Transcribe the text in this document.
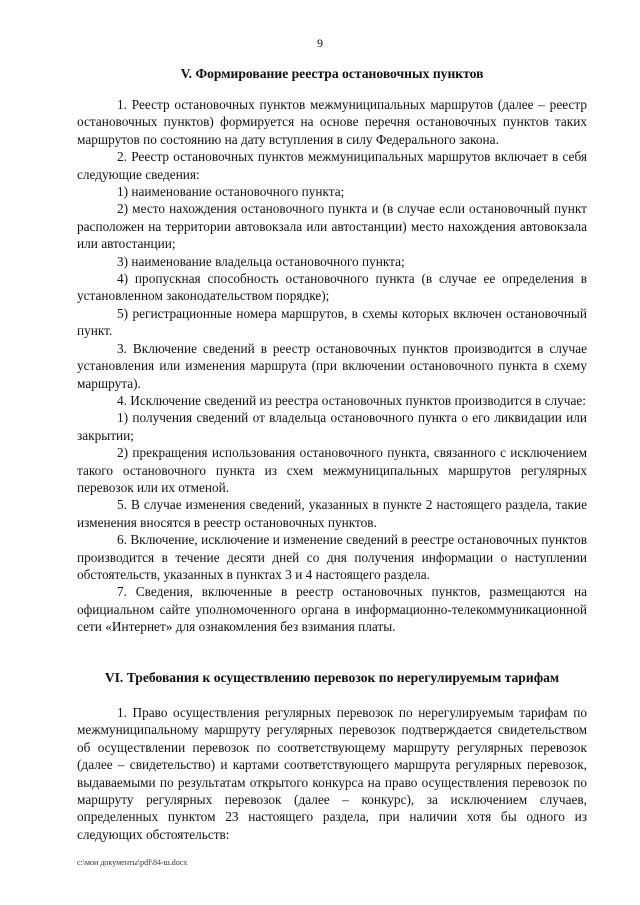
9
V. Формирование реестра остановочных пунктов

1. Реестр остановочных пунктов межмуниципальных маршрутов (далее – реестр остановочных пунктов) формируется на основе перечня остановочных пунктов таких маршрутов по состоянию на дату вступления в силу Федерального закона.

2. Реестр остановочных пунктов межмуниципальных маршрутов включает в себя следующие сведения:

1) наименование остановочного пункта;

2) место нахождения остановочного пункта и (в случае если остановочный пункт расположен на территории автовокзала или автостанции) место нахождения автовокзала или автостанции;

3) наименование владельца остановочного пункта;

4) пропускная способность остановочного пункта (в случае ее определения в установленном законодательством порядке);

5) регистрационные номера маршрутов, в схемы которых включен остановочный пункт.

3. Включение сведений в реестр остановочных пунктов производится в случае установления или изменения маршрута (при включении остановочного пункта в схему маршрута).

4. Исключение сведений из реестра остановочных пунктов производится в случае:

1) получения сведений от владельца остановочного пункта о его ликвидации или закрытии;

2) прекращения использования остановочного пункта, связанного с исключением такого остановочного пункта из схем межмуниципальных маршрутов регулярных перевозок или их отменой.

5. В случае изменения сведений, указанных в пункте 2 настоящего раздела, такие изменения вносятся в реестр остановочных пунктов.

6. Включение, исключение и изменение сведений в реестре остановочных пунктов производится в течение десяти дней со дня получения информации о наступлении обстоятельств, указанных в пунктах 3 и 4 настоящего раздела.

7. Сведения, включенные в реестр остановочных пунктов, размещаются на официальном сайте уполномоченного органа в информационно-телекоммуникационной сети «Интернет» для ознакомления без взимания платы.

VI. Требования к осуществлению перевозок по нерегулируемым тарифам

1. Право осуществления регулярных перевозок по нерегулируемым тарифам по межмуниципальному маршруту регулярных перевозок подтверждается свидетельством об осуществлении перевозок по соответствующему маршруту регулярных перевозок (далее – свидетельство) и картами соответствующего маршрута регулярных перевозок, выдаваемыми по результатам открытого конкурса на право осуществления перевозок по маршруту регулярных перевозок (далее – конкурс), за исключением случаев, определенных пунктом 23 настоящего раздела, при наличии хотя бы одного из следующих обстоятельств:

c:\мои документы\pdf\84-ш.docx
